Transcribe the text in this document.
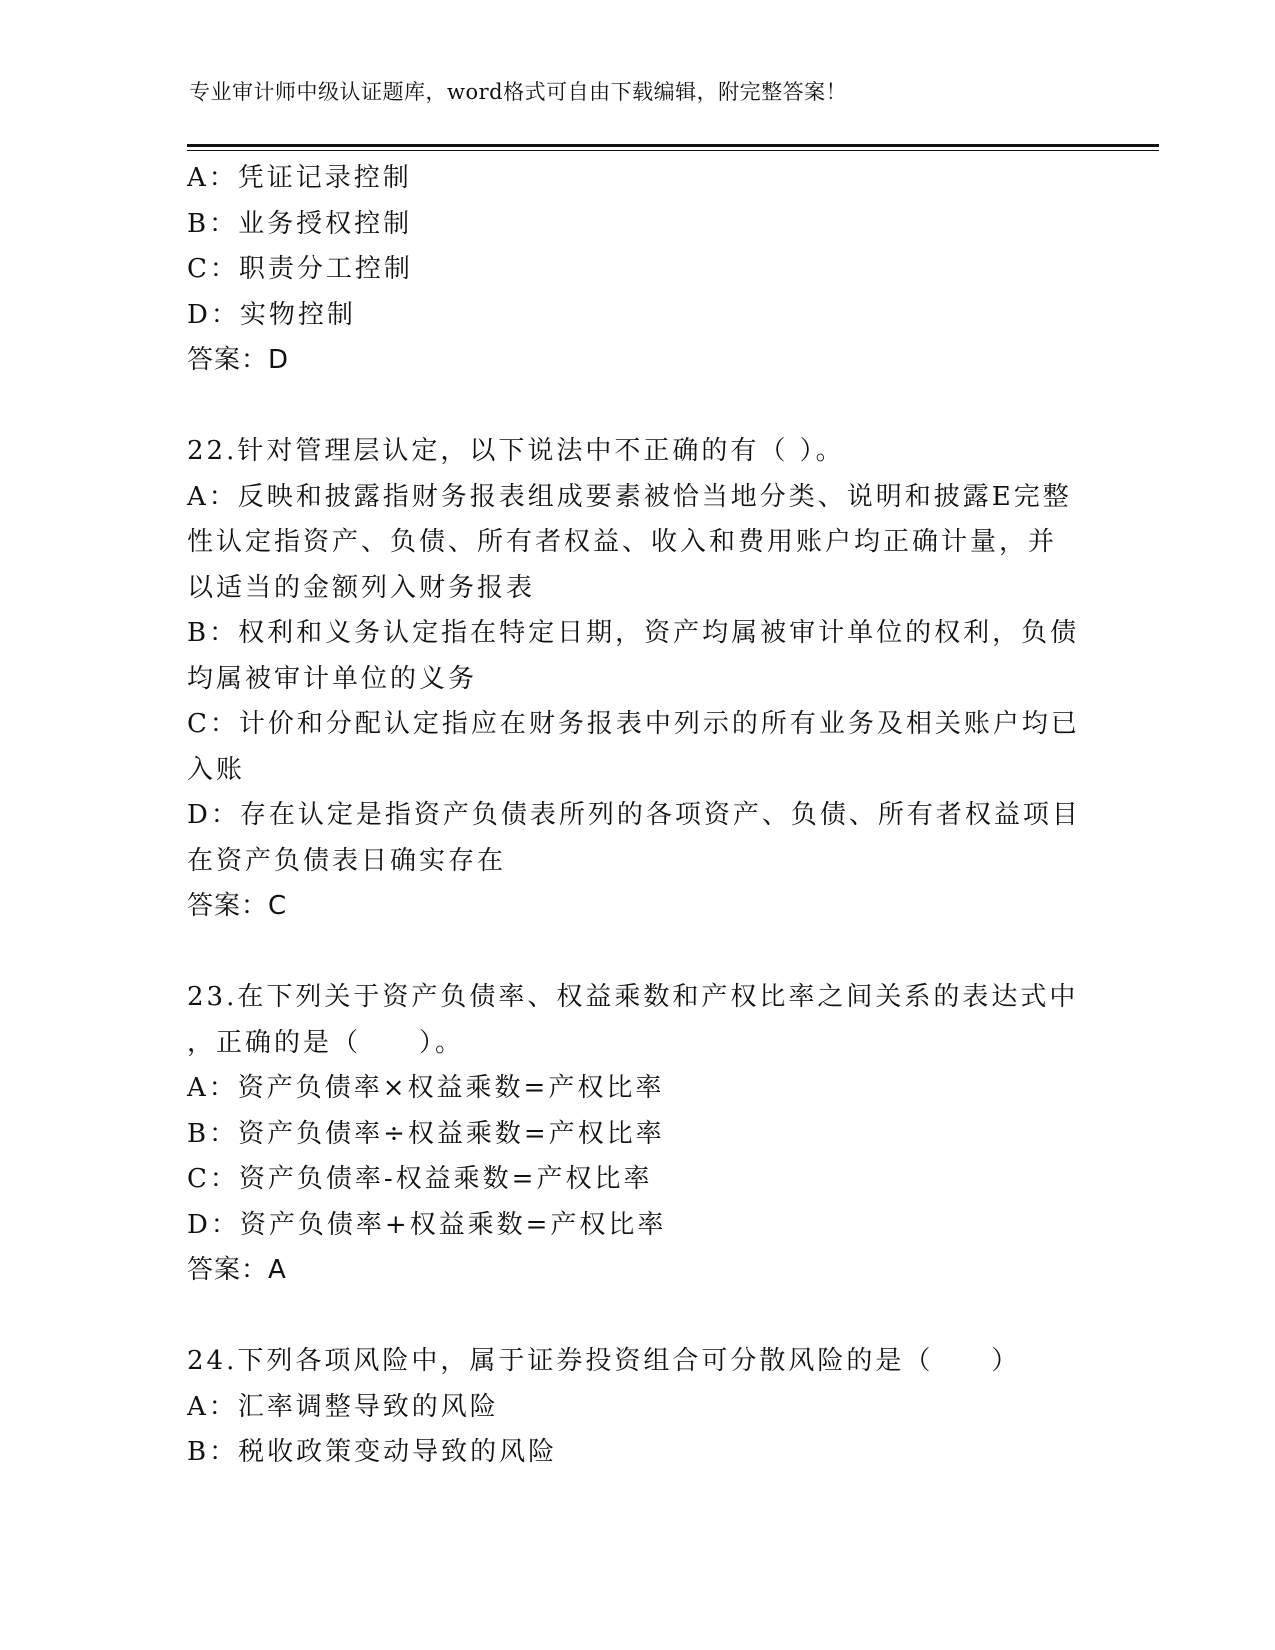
专业审计师中级认证题库，word格式可自由下载编辑，附完整答案！
A：凭证记录控制
B：业务授权控制
C：职责分工控制
D：实物控制
答案：D
22.针对管理层认定，以下说法中不正确的有（ ）。
A：反映和披露指财务报表组成要素被恰当地分类、说明和披露E完整
性认定指资产、负债、所有者权益、收入和费用账户均正确计量，并
以适当的金额列入财务报表
B：权利和义务认定指在特定日期，资产均属被审计单位的权利，负债
均属被审计单位的义务
C：计价和分配认定指应在财务报表中列示的所有业务及相关账户均已
入账
D：存在认定是指资产负债表所列的各项资产、负债、所有者权益项目
在资产负债表日确实存在
答案：C
23.在下列关于资产负债率、权益乘数和产权比率之间关系的表达式中
，正确的是（　　）。
A：资产负债率×权益乘数=产权比率
B：资产负债率÷权益乘数=产权比率
C：资产负债率-权益乘数=产权比率
D：资产负债率+权益乘数=产权比率
答案：A
24.下列各项风险中，属于证券投资组合可分散风险的是（　　）
A：汇率调整导致的风险
B：税收政策变动导致的风险
